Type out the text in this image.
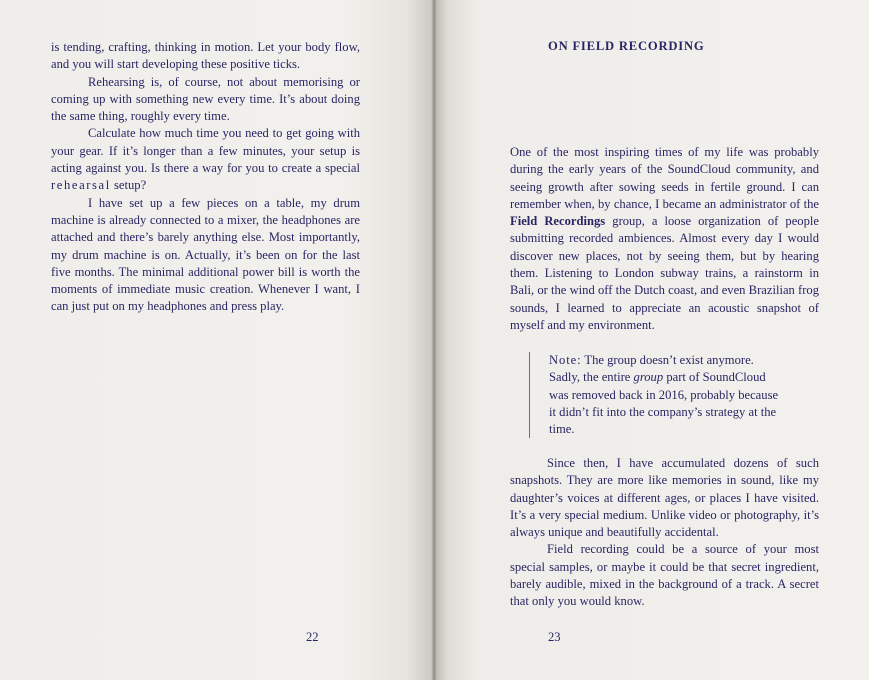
is tending, crafting, thinking in motion. Let your body flow, and you will start developing these positive ticks.

Rehearsing is, of course, not about memorising or coming up with something new every time. It’s about doing the same thing, roughly every time.

Calculate how much time you need to get going with your gear. If it’s longer than a few minutes, your setup is acting against you. Is there a way for you to create a special rehearsal setup?

I have set up a few pieces on a table, my drum machine is already connected to a mixer, the headphones are attached and there’s barely anything else. Most importantly, my drum machine is on. Actually, it’s been on for the last five months. The minimal additional power bill is worth the moments of immediate music creation. Whenever I want, I can just put on my headphones and press play.

22
ON FIELD RECORDING

One of the most inspiring times of my life was probably during the early years of the SoundCloud community, and seeing growth after sowing seeds in fertile ground. I can remember when, by chance, I became an administrator of the Field Recordings group, a loose organization of people submitting recorded ambiences. Almost every day I would discover new places, not by seeing them, but by hearing them. Listening to London subway trains, a rainstorm in Bali, or the wind off the Dutch coast, and even Brazilian frog sounds, I learned to appreciate an acoustic snapshot of myself and my environment.

Note: The group doesn’t exist anymore. Sadly, the entire group part of SoundCloud was removed back in 2016, probably because it didn’t fit into the company’s strategy at the time.

Since then, I have accumulated dozens of such snapshots. They are more like memories in sound, like my daughter’s voices at different ages, or places I have visited. It’s a very special medium. Unlike video or photography, it’s always unique and beautifully accidental.

Field recording could be a source of your most special samples, or maybe it could be that secret ingredient, barely audible, mixed in the background of a track. A secret that only you would know.

23
